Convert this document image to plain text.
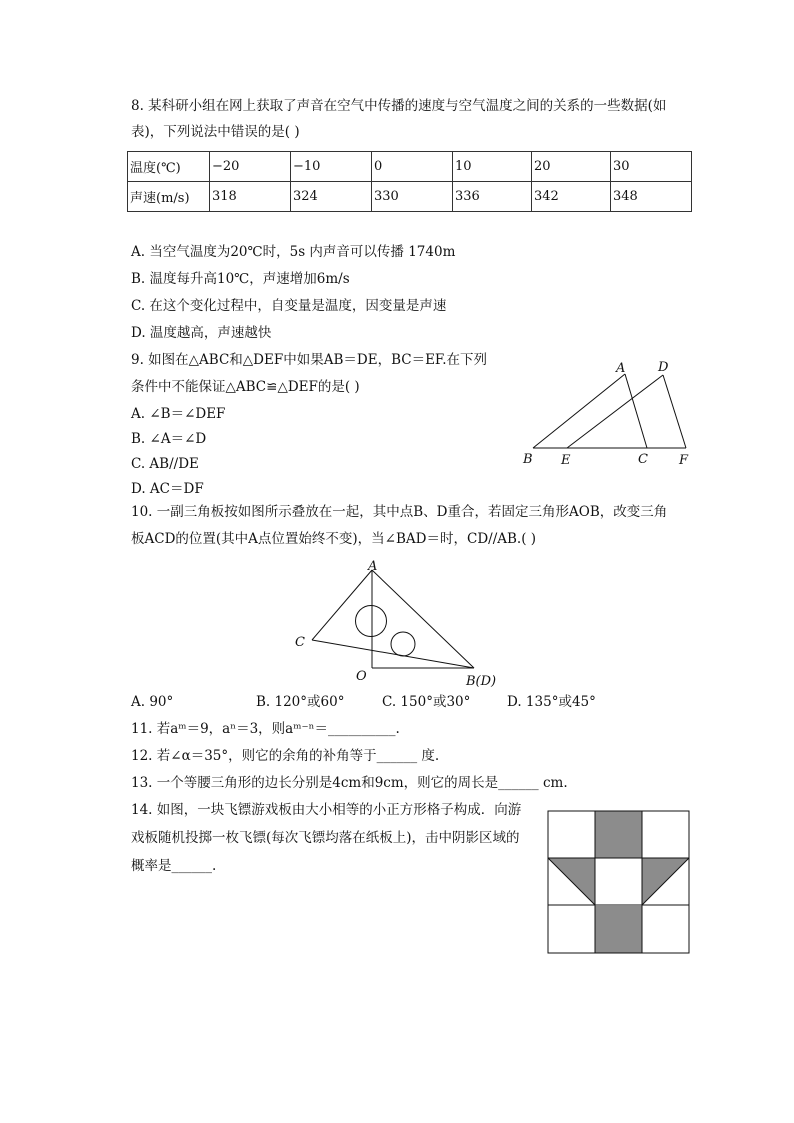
8. 某科研小组在网上获取了声音在空气中传播的速度与空气温度之间的关系的一些数据(如
表)，下列说法中错误的是( )
温度(℃)	−20	−10	0	10	20	30
声速(m/s)	318	324	330	336	342	348
A. 当空气温度为20℃时，5s 内声音可以传播 1740m
B. 温度每升高10℃，声速增加6m/s
C. 在这个变化过程中，自变量是温度，因变量是声速
D. 温度越高，声速越快
9. 如图在△ABC和△DEF中如果AB＝DE，BC＝EF.在下列
条件中不能保证△ABC≌△DEF的是( )
A. ∠B＝∠DEF
B. ∠A＝∠D
C. AB//DE
D. AC＝DF
A	D
B E	C F
10. 一副三角板按如图所示叠放在一起，其中点B、D重合，若固定三角形AOB，改变三角
板ACD的位置(其中A点位置始终不变)，当∠BAD＝时，CD//AB.( )
A
C
O	B(D)
A. 90°	B. 120°或60°	C. 150°或30°	D. 135°或45°
11. 若aᵐ＝9，aⁿ＝3，则aᵐ⁻ⁿ＝__________.
12. 若∠α＝35°，则它的余角的补角等于______ 度.
13. 一个等腰三角形的边长分别是4cm和9cm，则它的周长是______ cm.
14. 如图，一块飞镖游戏板由大小相等的小正方形格子构成．向游
戏板随机投掷一枚飞镖(每次飞镖均落在纸板上)，击中阴影区域的
概率是______.
